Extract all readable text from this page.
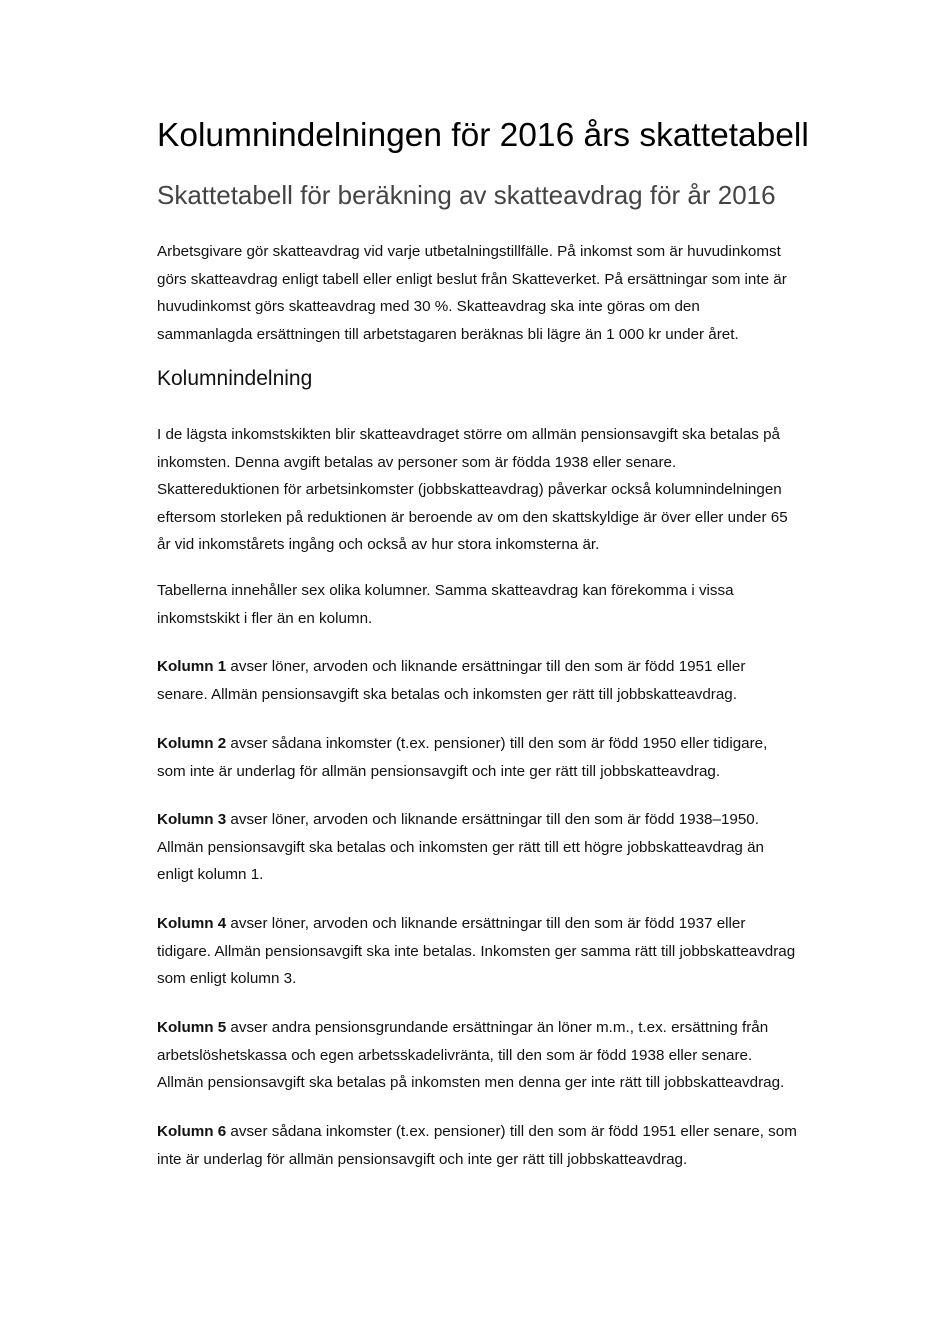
Kolumnindelningen för 2016 års skattetabell
Skattetabell för beräkning av skatteavdrag för år 2016

Arbetsgivare gör skatteavdrag vid varje utbetalningstillfälle. På inkomst som är huvudinkomst
görs skatteavdrag enligt tabell eller enligt beslut från Skatteverket. På ersättningar som inte är
huvudinkomst görs skatteavdrag med 30 %. Skatteavdrag ska inte göras om den
sammanlagda ersättningen till arbetstagaren beräknas bli lägre än 1 000 kr under året.

Kolumnindelning

I de lägsta inkomstskikten blir skatteavdraget större om allmän pensionsavgift ska betalas på
inkomsten. Denna avgift betalas av personer som är födda 1938 eller senare.
Skattereduktionen för arbetsinkomster (jobbskatteavdrag) påverkar också kolumnindelningen
eftersom storleken på reduktionen är beroende av om den skattskyldige är över eller under 65
år vid inkomstårets ingång och också av hur stora inkomsterna är.

Tabellerna innehåller sex olika kolumner. Samma skatteavdrag kan förekomma i vissa
inkomstskikt i fler än en kolumn.

Kolumn 1 avser löner, arvoden och liknande ersättningar till den som är född 1951 eller
senare. Allmän pensionsavgift ska betalas och inkomsten ger rätt till jobbskatteavdrag.

Kolumn 2 avser sådana inkomster (t.ex. pensioner) till den som är född 1950 eller tidigare,
som inte är underlag för allmän pensionsavgift och inte ger rätt till jobbskatteavdrag.

Kolumn 3 avser löner, arvoden och liknande ersättningar till den som är född 1938–1950.
Allmän pensionsavgift ska betalas och inkomsten ger rätt till ett högre jobbskatteavdrag än
enligt kolumn 1.

Kolumn 4 avser löner, arvoden och liknande ersättningar till den som är född 1937 eller
tidigare. Allmän pensionsavgift ska inte betalas. Inkomsten ger samma rätt till jobbskatteavdrag
som enligt kolumn 3.

Kolumn 5 avser andra pensionsgrundande ersättningar än löner m.m., t.ex. ersättning från
arbetslöshetskassa och egen arbetsskadelivränta, till den som är född 1938 eller senare.
Allmän pensionsavgift ska betalas på inkomsten men denna ger inte rätt till jobbskatteavdrag.

Kolumn 6 avser sådana inkomster (t.ex. pensioner) till den som är född 1951 eller senare, som
inte är underlag för allmän pensionsavgift och inte ger rätt till jobbskatteavdrag.
